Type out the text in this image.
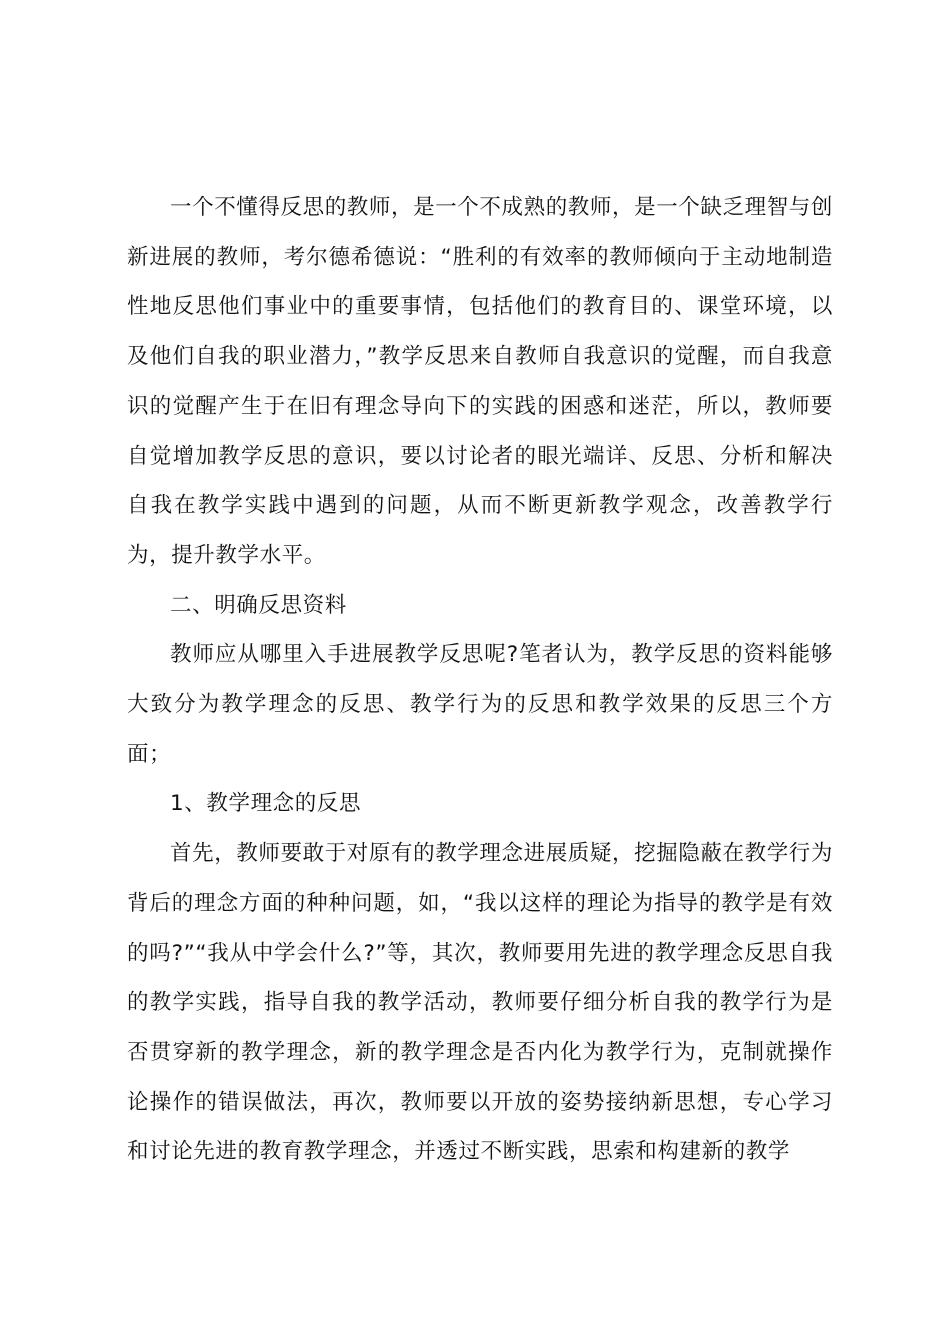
一个不懂得反思的教师，是一个不成熟的教师，是一个缺乏理智与创新进展的教师，考尔德希德说：“胜利的有效率的教师倾向于主动地制造性地反思他们事业中的重要事情，包括他们的教育目的、课堂环境，以及他们自我的职业潜力，”教学反思来自教师自我意识的觉醒，而自我意识的觉醒产生于在旧有理念导向下的实践的困惑和迷茫，所以，教师要自觉增加教学反思的意识，要以讨论者的眼光端详、反思、分析和解决自我在教学实践中遇到的问题，从而不断更新教学观念，改善教学行为，提升教学水平。

二、明确反思资料

教师应从哪里入手进展教学反思呢?笔者认为，教学反思的资料能够大致分为教学理念的反思、教学行为的反思和教学效果的反思三个方面；

1、教学理念的反思

首先，教师要敢于对原有的教学理念进展质疑，挖掘隐蔽在教学行为背后的理念方面的种种问题，如，“我以这样的理论为指导的教学是有效的吗?”“我从中学会什么?”等，其次，教师要用先进的教学理念反思自我的教学实践，指导自我的教学活动，教师要仔细分析自我的教学行为是否贯穿新的教学理念，新的教学理念是否内化为教学行为，克制就操作论操作的错误做法，再次，教师要以开放的姿势接纳新思想，专心学习和讨论先进的教育教学理念，并透过不断实践，思索和构建新的教学
